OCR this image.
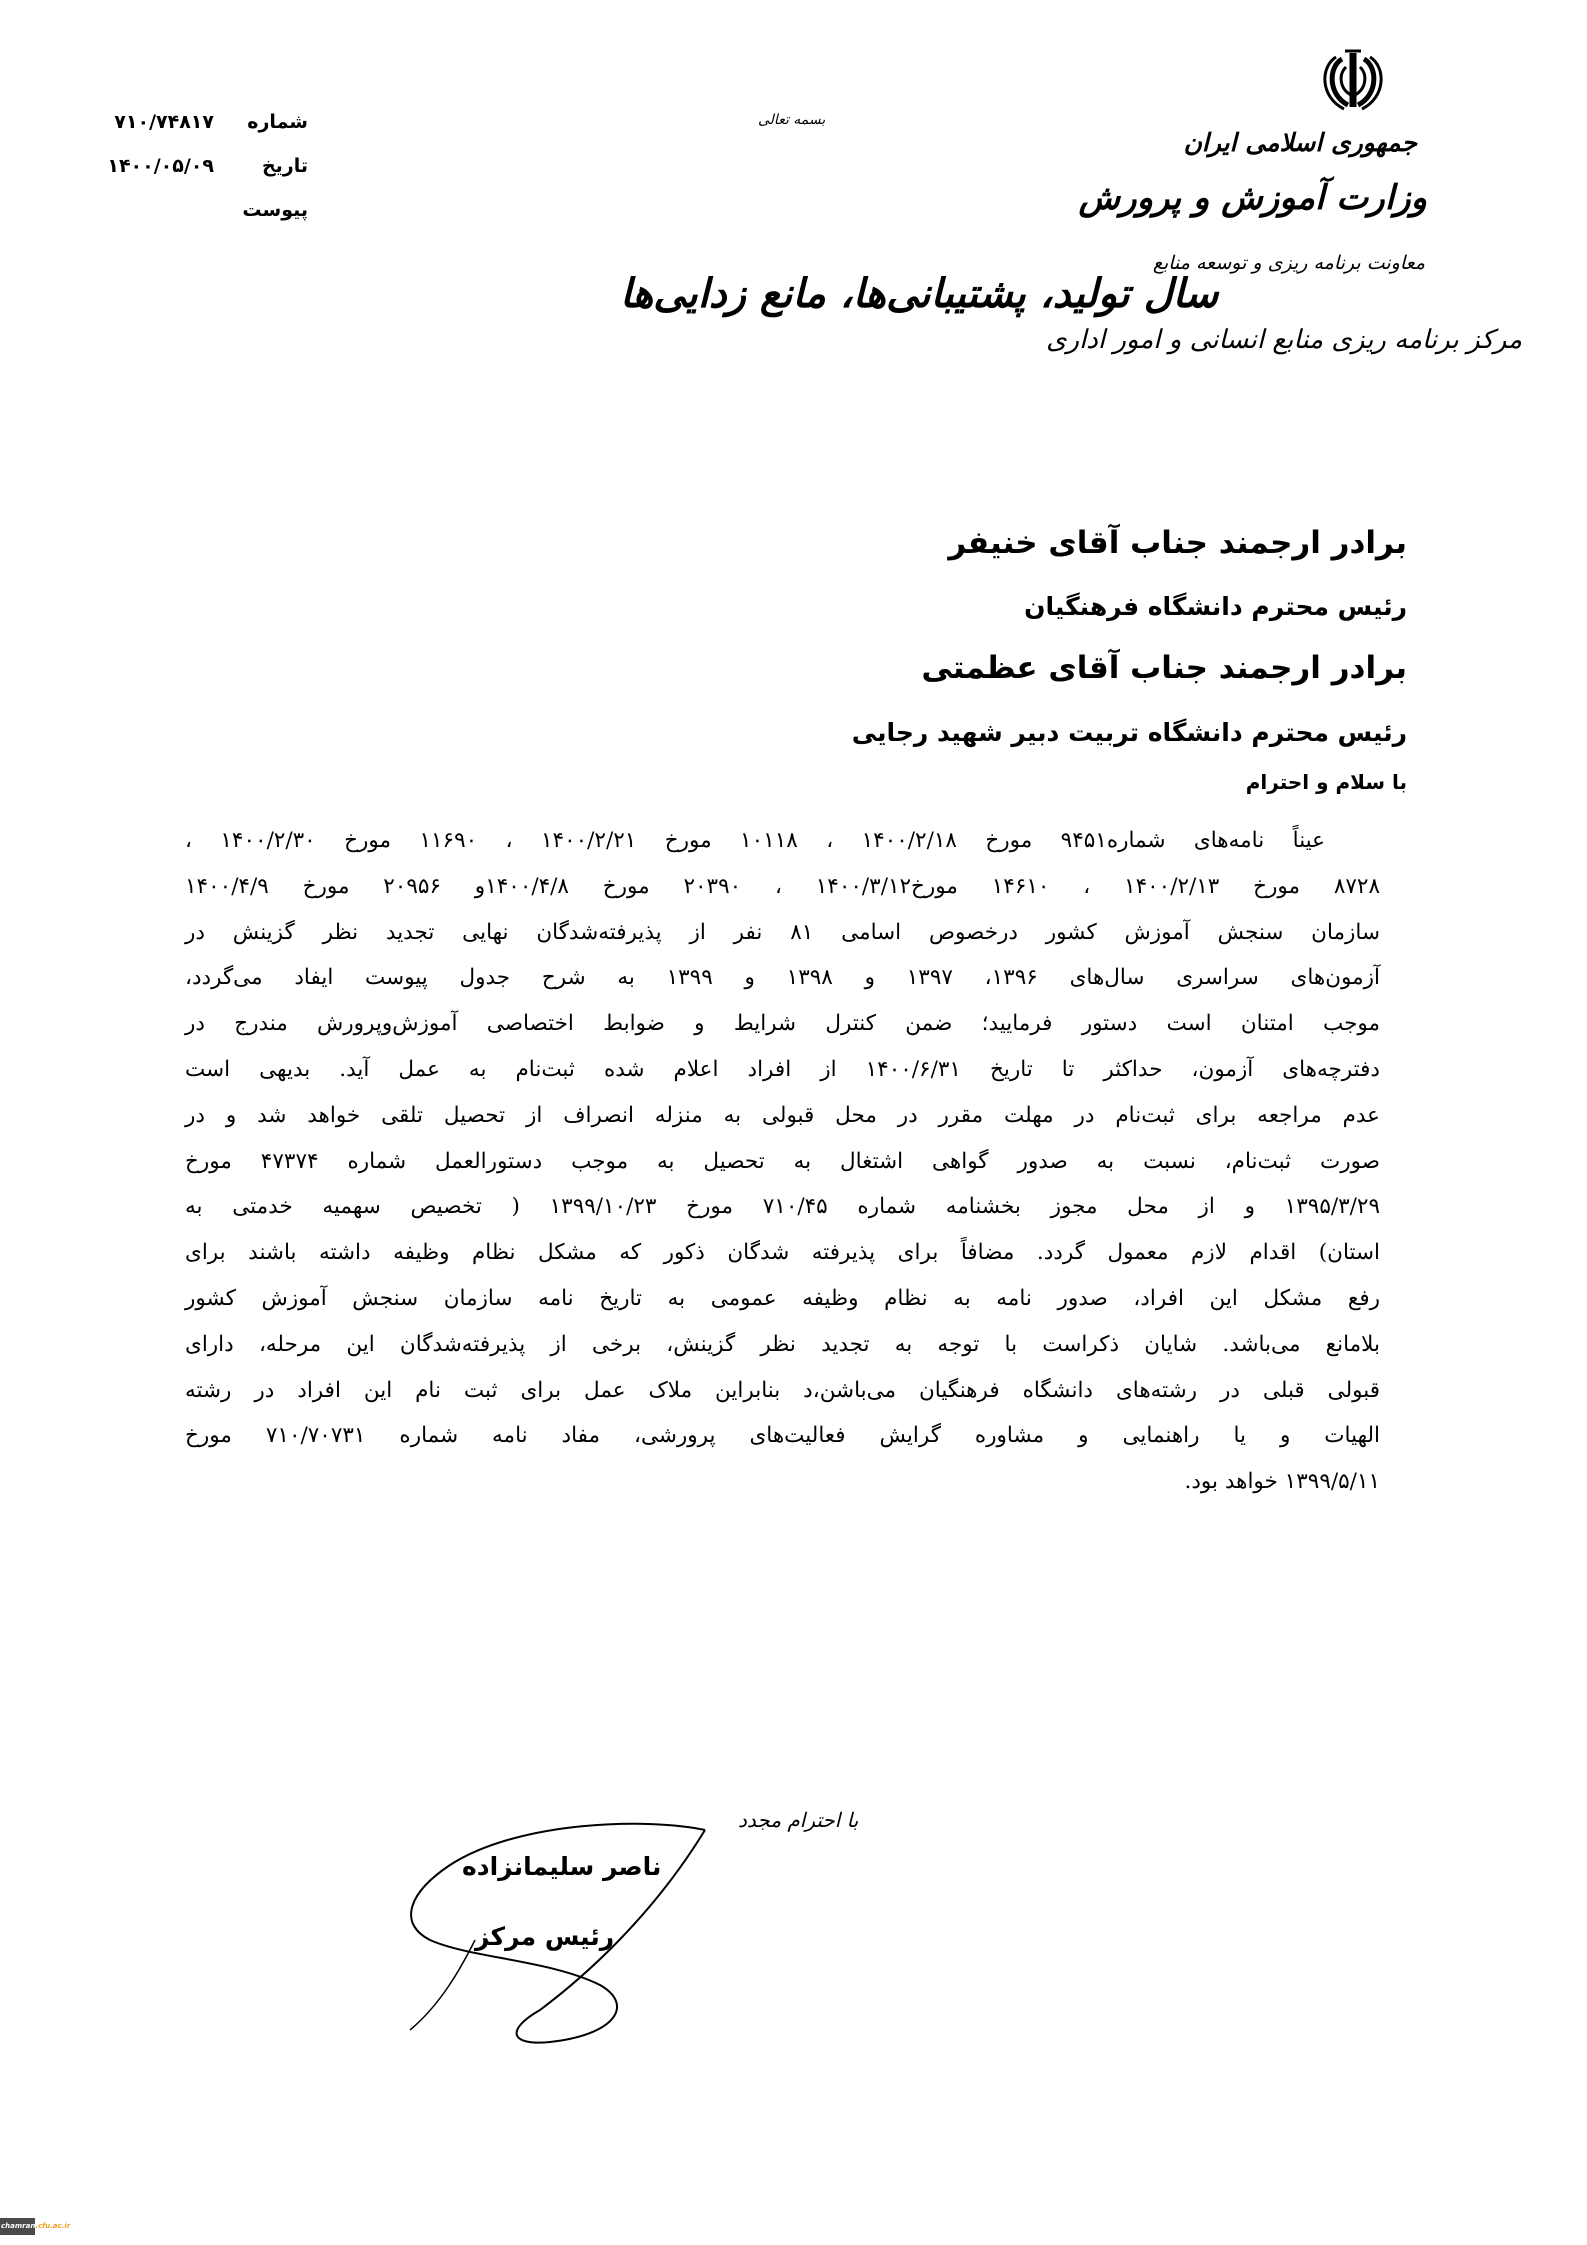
جمهوری اسلامی ایران
وزارت آموزش و پرورش
معاونت برنامه ریزی و توسعه منابع
مرکز برنامه ریزی منابع انسانی و امور اداری
بسمه تعالی
سال تولید، پشتیبانی‌ها، مانع زدایی‌ها
شماره
۷۱۰/۷۴۸۱۷
تاریخ
۱۴۰۰/۰۵/۰۹
پیوست
برادر ارجمند جناب آقای خنیفر
رئیس محترم دانشگاه فرهنگیان
برادر ارجمند جناب آقای عظمتی
رئیس محترم دانشگاه تربیت دبیر شهید رجایی
با سلام و احترام
عیناً نامه‌های شماره۹۴۵۱ مورخ ۱۴۰۰/۲/۱۸ ، ۱۰۱۱۸ مورخ ۱۴۰۰/۲/۲۱ ، ۱۱۶۹۰ مورخ ۱۴۰۰/۲/۳۰ ،
۸۷۲۸ مورخ ۱۴۰۰/۲/۱۳ ، ۱۴۶۱۰ مورخ۱۴۰۰/۳/۱۲ ، ۲۰۳۹۰ مورخ ۱۴۰۰/۴/۸و ۲۰۹۵۶ مورخ ۱۴۰۰/۴/۹
سازمان سنجش آموزش کشور درخصوص اسامی ۸۱ نفر از پذیرفته‌شدگان نهایی تجدید نظر گزینش در
آزمون‌های سراسری سال‌های ۱۳۹۶، ۱۳۹۷ و ۱۳۹۸ و ۱۳۹۹ به شرح جدول پیوست ایفاد می‌گردد،
موجب امتنان است دستور فرمایید؛ ضمن کنترل شرایط و ضوابط اختصاصی آموزش‌وپرورش مندرج در
دفترچه‌های آزمون، حداکثر تا تاریخ ۱۴۰۰/۶/۳۱ از افراد اعلام شده ثبت‌نام به عمل آید. بدیهی است
عدم مراجعه برای ثبت‌نام در مهلت مقرر در محل قبولی به منزله انصراف از تحصیل تلقی خواهد شد و در
صورت ثبت‌نام، نسبت به صدور گواهی اشتغال به تحصیل به موجب دستورالعمل شماره ۴۷۳۷۴ مورخ
۱۳۹۵/۳/۲۹ و از محل مجوز بخشنامه شماره ۷۱۰/۴۵ مورخ ۱۳۹۹/۱۰/۲۳ ( تخصیص سهمیه خدمتی به
استان) اقدام لازم معمول گردد. مضافاً برای پذیرفته شدگان ذکور که مشکل نظام وظیفه داشته باشند برای
رفع مشکل این افراد، صدور نامه به نظام وظیفه عمومی به تاریخ نامه سازمان سنجش آموزش کشور
بلامانع می‌باشد. شایان ذکراست با توجه به تجدید نظر گزینش، برخی از پذیرفته‌شدگان این مرحله، دارای
قبولی قبلی در رشته‌های دانشگاه فرهنگیان می‌باشن،د بنابراین ملاک عمل برای ثبت نام این افراد در رشته
الهیات و یا راهنمایی و مشاوره گرایش فعالیت‌های پرورشی، مفاد نامه شماره ۷۱۰/۷۰۷۳۱ مورخ
۱۳۹۹/۵/۱۱ خواهد بود.
با احترام مجدد
ناصر سلیمانزاده
رئیس مرکز
chamran.cfu.ac.ir
